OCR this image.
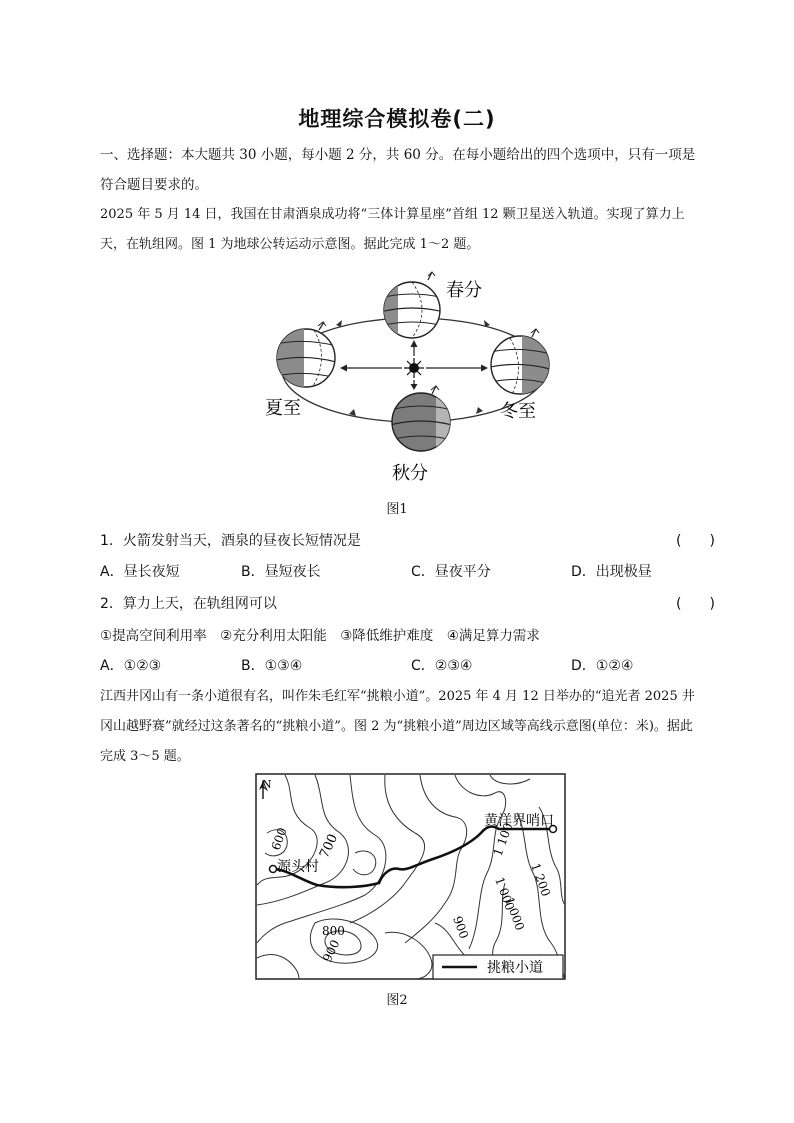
地理综合模拟卷(二)
一、选择题：本大题共 30 小题，每小题 2 分，共 60 分。在每小题给出的四个选项中，只有一项是符合题目要求的。
2025 年 5 月 14 日，我国在甘肃酒泉成功将“三体计算星座”首组 12 颗卫星送入轨道。实现了算力上天，在轨组网。图 1 为地球公转运动示意图。据此完成 1～2 题。
春分
夏至	冬至
秋分
图1
1．火箭发射当天，酒泉的昼夜长短情况是	(　　)
A．昼长夜短	B．昼短夜长	C．昼夜平分	D．出现极昼
2．算力上天，在轨组网可以	(　　)
①提高空间利用率　②充分利用太阳能　③降低维护难度　④满足算力需求
A．①②③	B．①③④	C．②③④	D．①②④
江西井冈山有一条小道很有名，叫作朱毛红军“挑粮小道”。2025 年 4 月 12 日举办的“追光者 2025 井冈山越野赛”就经过这条著名的“挑粮小道”。图 2 为“挑粮小道”周边区域等高线示意图(单位：米)。据此完成 3～5 题。
N
600 700
800
900
900
1 000
1 000
1 100
1 200
源头村
黄洋界哨口
挑粮小道
图2
